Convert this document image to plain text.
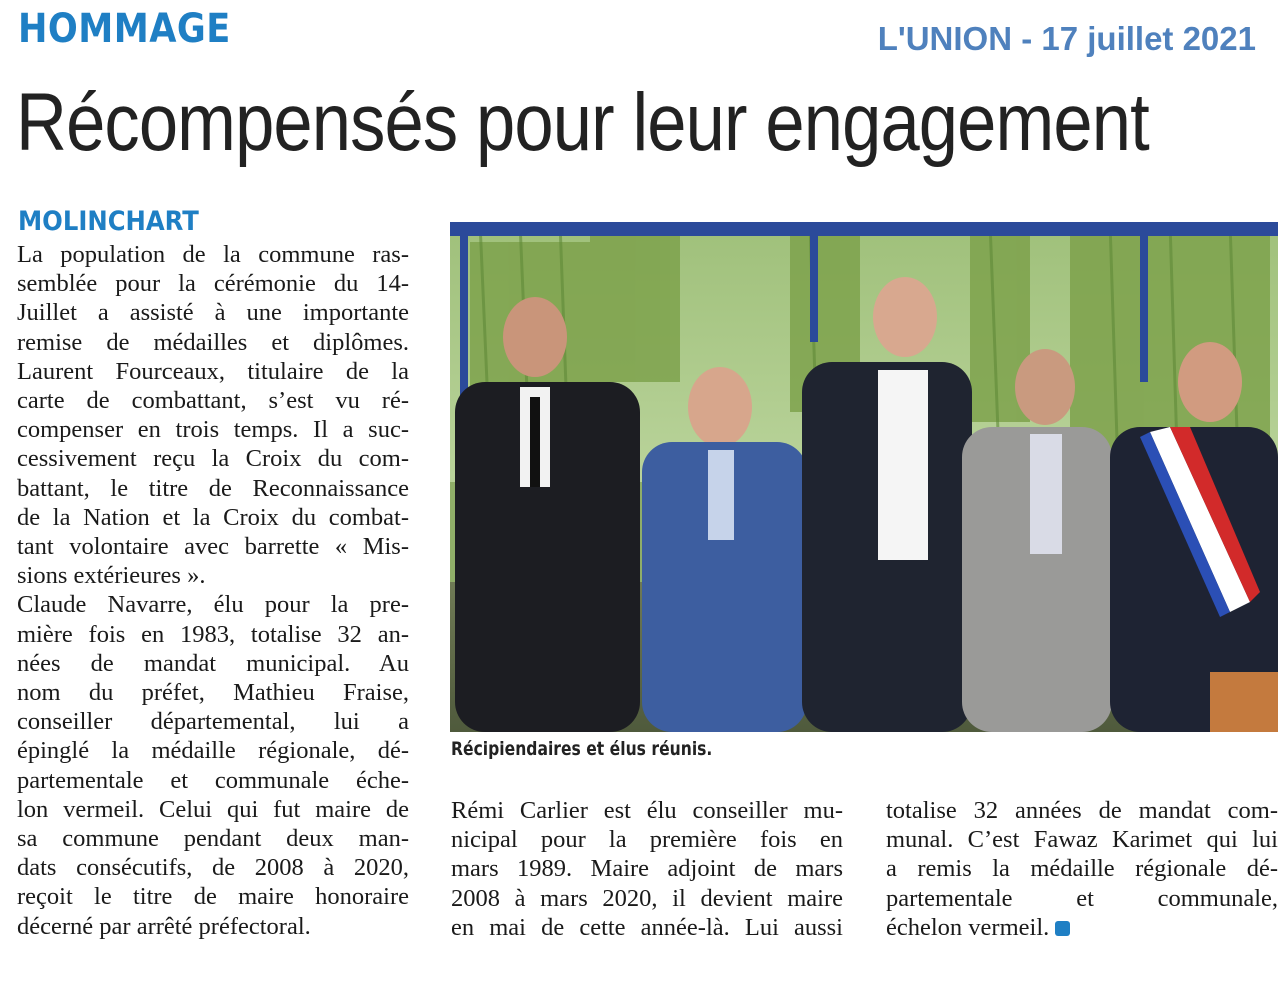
HOMMAGE	L'UNION - 17 juillet 2021
Récompensés pour leur engagement
MOLINCHART
La population de la commune ras-
semblée pour la cérémonie du 14-
Juillet a assisté à une importante
remise de médailles et diplômes.
Laurent Fourceaux, titulaire de la
carte de combattant, s’est vu ré-
compenser en trois temps. Il a suc-
cessivement reçu la Croix du com-
battant, le titre de Reconnaissance
de la Nation et la Croix du combat-
tant volontaire avec barrette « Mis-
sions extérieures ».
Claude Navarre, élu pour la pre-
mière fois en 1983, totalise 32 an-
nées de mandat municipal. Au
nom du préfet, Mathieu Fraise,
conseiller départemental, lui a
épinglé la médaille régionale, dé-
partementale et communale éche-
lon vermeil. Celui qui fut maire de
sa commune pendant deux man-
dats consécutifs, de 2008 à 2020,
reçoit le titre de maire honoraire
décerné par arrêté préfectoral.
Récipiendaires et élus réunis.
Rémi Carlier est élu conseiller mu-
nicipal pour la première fois en
mars 1989. Maire adjoint de mars
2008 à mars 2020, il devient maire
en mai de cette année-là. Lui aussi
totalise 32 années de mandat com-
munal. C’est Fawaz Karimet qui lui
a remis la médaille régionale dé-
partementale et communale,
échelon vermeil.
